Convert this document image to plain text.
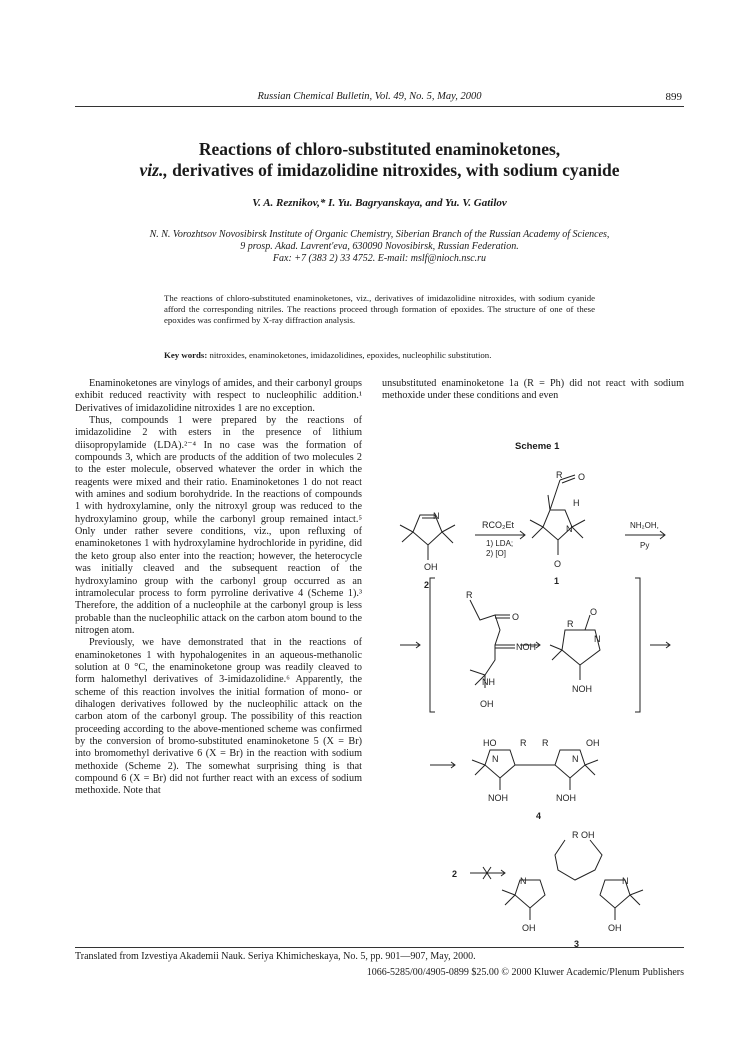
Russian Chemical Bulletin, Vol. 49, No. 5, May, 2000	899
Reactions of chloro-substituted enaminoketones,
viz., derivatives of imidazolidine nitroxides, with sodium cyanide
V. A. Reznikov,* I. Yu. Bagryanskaya, and Yu. V. Gatilov
N. N. Vorozhtsov Novosibirsk Institute of Organic Chemistry, Siberian Branch of the Russian Academy of Sciences,
9 prosp. Akad. Lavrent'eva, 630090 Novosibirsk, Russian Federation.
Fax: +7 (383 2) 33 4752. E-mail: mslf@nioch.nsc.ru
The reactions of chloro-substituted enaminoketones, viz., derivatives of imidazolidine nitroxides, with sodium cyanide afford the corresponding nitriles. The reactions proceed through formation of epoxides. The structure of one of these epoxides was confirmed by X-ray diffraction analysis.
Key words: nitroxides, enaminoketones, imidazolidines, epoxides, nucleophilic substitution.

Enaminoketones are vinylogs of amides, and their carbonyl groups exhibit reduced reactivity with respect to nucleophilic addition.¹ Derivatives of imidazolidine nitroxides 1 are no exception.

Thus, compounds 1 were prepared by the reactions of imidazolidine 2 with esters in the presence of lithium diisopropylamide (LDA).²⁻⁴ In no case was the formation of compounds 3, which are products of the addition of two molecules 2 to the ester molecule, observed whatever the order in which the reagents were mixed and their ratio. Enaminoketones 1 do not react with amines and sodium borohydride. In the reactions of compounds 1 with hydroxylamine, only the nitroxyl group was reduced to the hydroxylamino group, while the carbonyl group remained intact.⁵ Only under rather severe conditions, viz., upon refluxing of enaminoketones 1 with hydroxylamine hydrochloride in pyridine, did the keto group also enter into the reaction; however, the heterocycle was initially cleaved and the subsequent reaction of the hydroxylamino group with the carbonyl group occurred as an intramolecular process to form pyrroline derivative 4 (Scheme 1).³ Therefore, the addition of a nucleophile at the carbonyl group is less probable than the nucleophilic attack on the carbon atom bound to the nitrogen atom.

Previously, we have demonstrated that in the reactions of enaminoketones 1 with hypohalogenites in an aqueous-methanolic solution at 0 °C, the enaminoketone group was readily cleaved to form halomethyl derivatives of 3-imidazolidine.⁶ Apparently, the scheme of this reaction involves the initial formation of mono- or dihalogen derivatives followed by the nucleophilic attack on the carbon atom of the carbonyl group. The possibility of this reaction proceeding according to the above-mentioned scheme was confirmed by the conversion of bromo-substituted enaminoketone 5 (X = Br) into bromomethyl derivative 6 (X = Br) in the reaction with sodium methoxide (Scheme 2). The somewhat surprising thing is that compound 6 (X = Br) did not further react with an excess of sodium methoxide. Note that

unsubstituted enaminoketone 1a (R = Ph) did not react with sodium methoxide under these conditions and even

Scheme 1
N
OH
2
RCO₂Et
1) LDA;
2) [O]
R O
H
N
O
1
NH₂OH,
Py
R
O
NOH
NH
OH
R
O
N
NOH
HO	R R	OH
N	N
NOH	NOH
4
R OH
2
N	N
OH	OH
3
Translated from Izvestiya Akademii Nauk. Seriya Khimicheskaya, No. 5, pp. 901—907, May, 2000.
1066-5285/00/4905-0899 $25.00 © 2000 Kluwer Academic/Plenum Publishers
